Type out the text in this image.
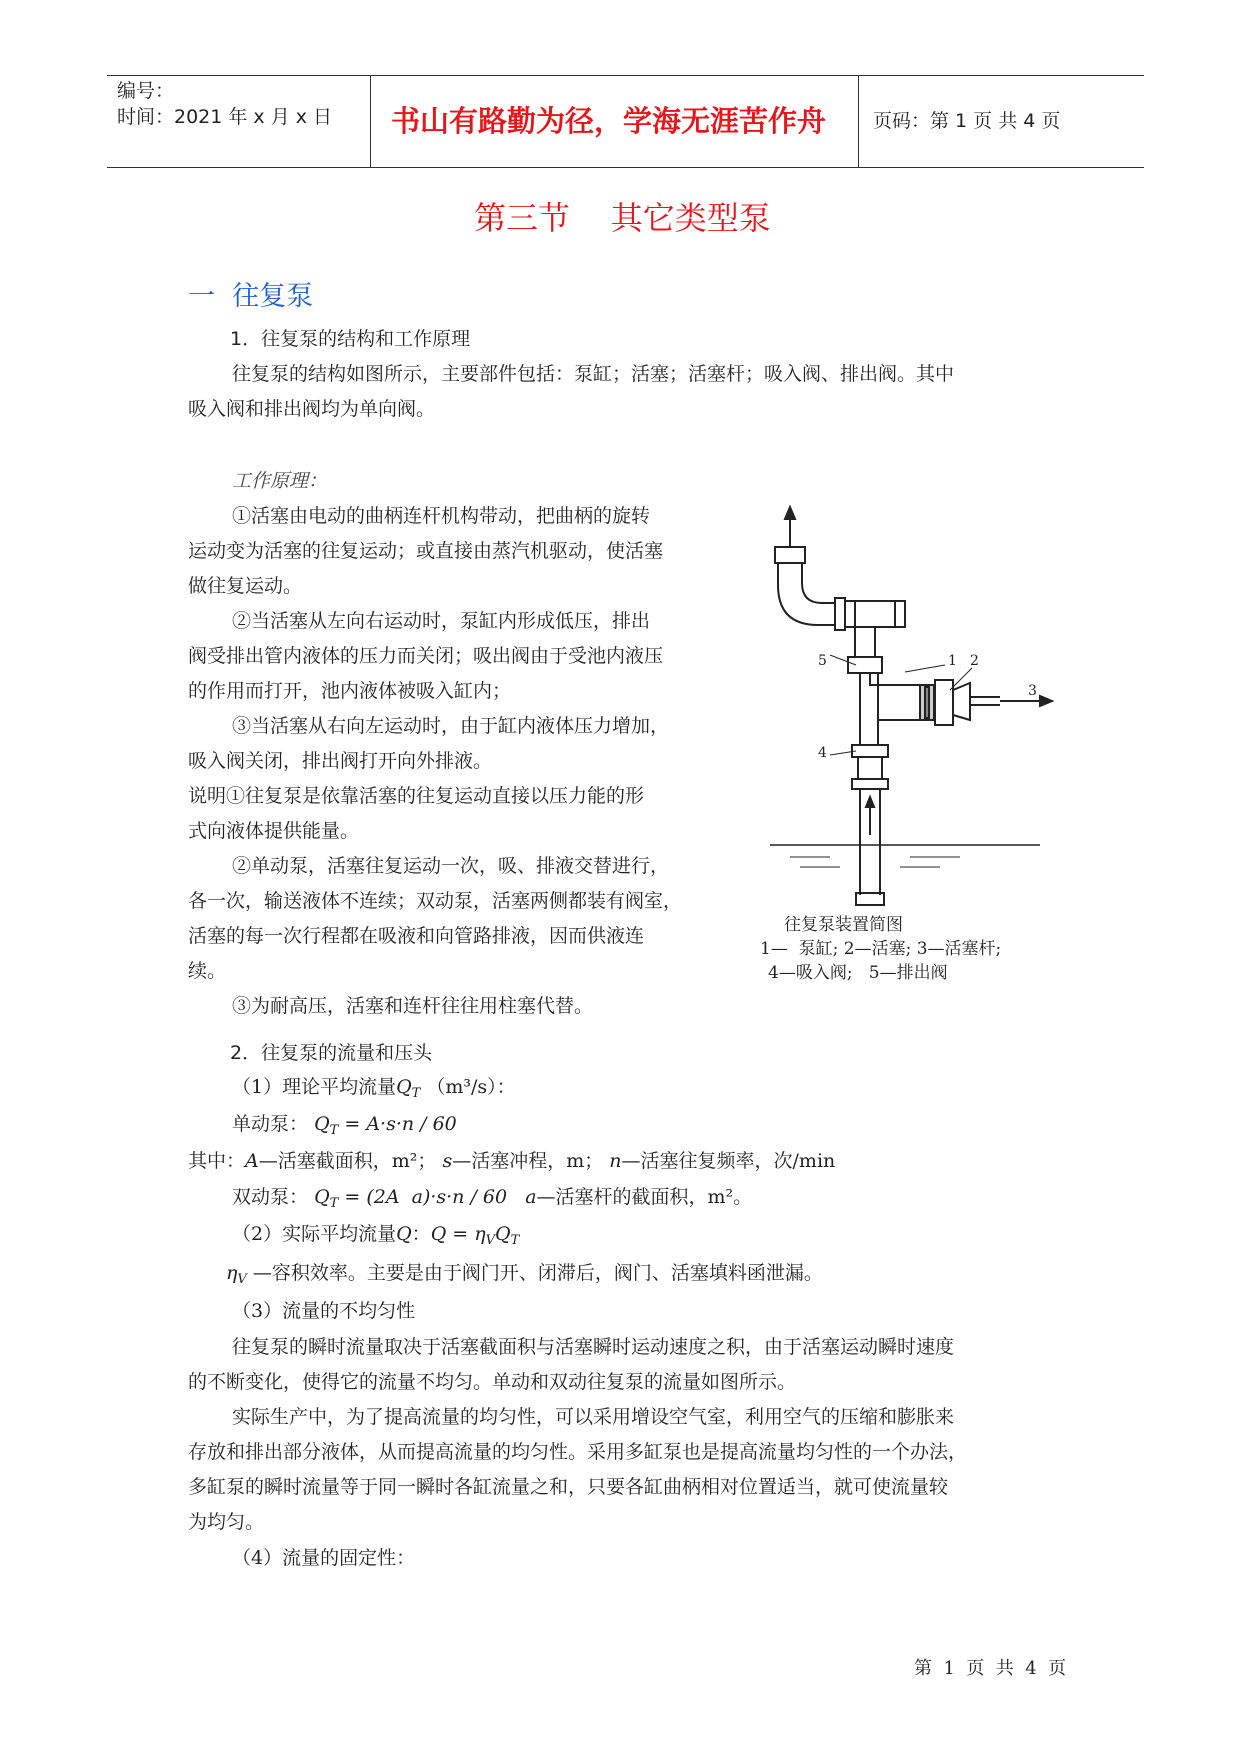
编号：
时间：2021 年 x 月 x 日 书山有路勤为径，学海无涯苦作舟 页码：第 1 页 共 4 页
第三节    其它类型泵
一  往复泵
1．往复泵的结构和工作原理
往复泵的结构如图所示，主要部件包括：泵缸；活塞；活塞杆；吸入阀、排出阀。其中
吸入阀和排出阀均为单向阀。
工作原理：
①活塞由电动的曲柄连杆机构带动，把曲柄的旋转
运动变为活塞的往复运动；或直接由蒸汽机驱动，使活塞
做往复运动。
②当活塞从左向右运动时，泵缸内形成低压，排出
阀受排出管内液体的压力而关闭；吸出阀由于受池内液压
的作用而打开，池内液体被吸入缸内；
③当活塞从右向左运动时，由于缸内液体压力增加，
吸入阀关闭，排出阀打开向外排液。
说明①往复泵是依靠活塞的往复运动直接以压力能的形
式向液体提供能量。
②单动泵，活塞往复运动一次，吸、排液交替进行，
各一次，输送液体不连续；双动泵，活塞两侧都装有阀室，
活塞的每一次行程都在吸液和向管路排液，因而供液连
续。
③为耐高压，活塞和连杆往往用柱塞代替。
1 2
3
4
5
往复泵装置简图
1—  泵缸; 2—活塞; 3—活塞杆;
4—吸入阀;   5—排出阀
2．往复泵的流量和压头
（1）理论平均流量$Q_T$ （m³/s）：
单动泵： $Q_T = A\cdot s\cdot n / 60$
其中：A—活塞截面积，m²； s—活塞冲程，m； n—活塞往复频率，次/min
双动泵： $Q_T = (2A$  a)·s·n / 60 a—活塞杆的截面积，m²。
（2）实际平均流量Q：$Q = \eta_VQ_T$
$\eta_V$ —容积效率。主要是由于阀门开、闭滞后，阀门、活塞填料函泄漏。
（3）流量的不均匀性
往复泵的瞬时流量取决于活塞截面积与活塞瞬时运动速度之积，由于活塞运动瞬时速度
的不断变化，使得它的流量不均匀。单动和双动往复泵的流量如图所示。
实际生产中，为了提高流量的均匀性，可以采用增设空气室，利用空气的压缩和膨胀来
存放和排出部分液体，从而提高流量的均匀性。采用多缸泵也是提高流量均匀性的一个办法，
多缸泵的瞬时流量等于同一瞬时各缸流量之和，只要各缸曲柄相对位置适当，就可使流量较
为均匀。
（4）流量的固定性：
第  1  页  共  4  页
